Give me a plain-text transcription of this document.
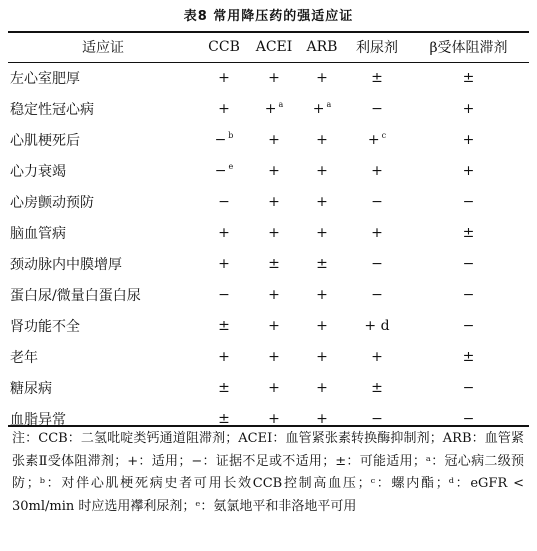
表8 常用降压药的强适应证
适应证	CCB	ACEI	ARB	利尿剂	β受体阻滞剂
左心室肥厚	+	+	+	±	±
稳定性冠心病	+	+ $^a$	+ $^a$	−	+
心肌梗死后	− $^b$	+	+	+ $^c$	+
心力衰竭	− $^e$	+	+	+	+
心房颤动预防	−	+	+	−	−
脑血管病	+	+	+	+	±
颈动脉内中膜增厚	+	±	±	−	−
蛋白尿/微量白蛋白尿	−	+	+	−	−
肾功能不全	±	+	+	+ d	−
老年	+	+	+	+	±
糖尿病	±	+	+	±	−
血脂异常	±	+	+	−	−
注：CCB：二氢吡啶类钙通道阻滞剂；ACEI：血管紧张素转换酶抑制剂；ARB：血管紧张素Ⅱ受体阻滞剂；+：适用；−：证据不足或不适用；±：可能适用；ᵃ：冠心病二级预防；ᵇ：对伴心肌梗死病史者可用长效CCB控制高血压；ᶜ：螺内酯；ᵈ：eGFR < 30ml/min 时应选用襻利尿剂；ᵉ：氨氯地平和非洛地平可用
